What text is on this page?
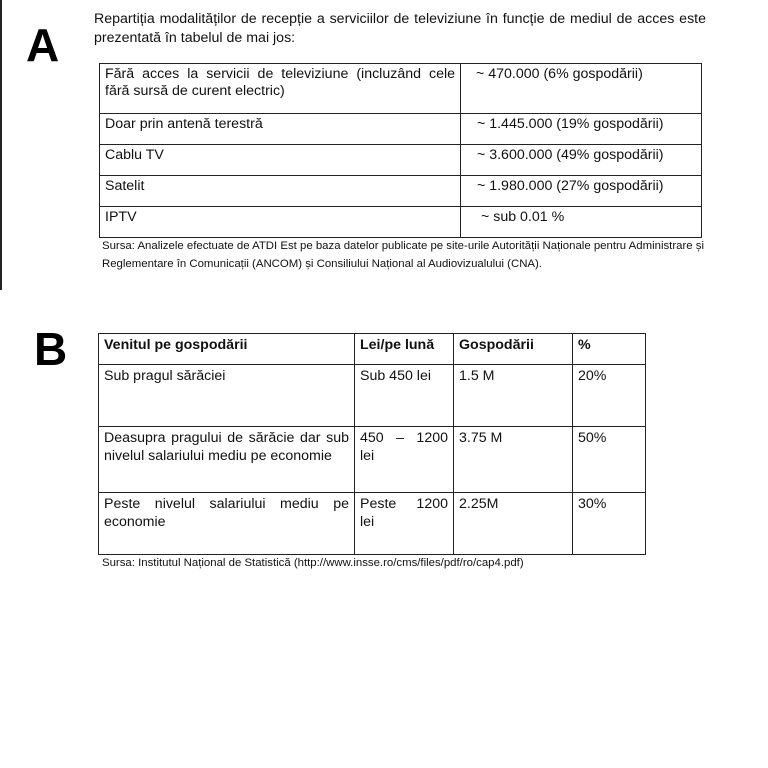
A Repartiția modalităților de recepție a serviciilor de televiziune în funcție de mediul de acces este prezentată în tabelul de mai jos:

Fără acces la servicii de televiziune (incluzând cele fără sursă de curent electric)	~ 470.000 (6% gospodării)
Doar prin antenă terestră	~ 1.445.000 (19% gospodării)
Cablu TV	~ 3.600.000 (49% gospodării)
Satelit	~ 1.980.000 (27% gospodării)
IPTV	~ sub 0.01 %
Sursa: Analizele efectuate de ATDI Est pe baza datelor publicate pe site-urile Autorității Naționale pentru Administrare și Reglementare în Comunicații (ANCOM) și Consiliului Național al Audiovizualului (CNA).
B	Venitul pe gospodării	Lei/pe lună	Gospodării	%
Sub pragul sărăciei	Sub 450 lei	1.5 M	20%
Deasupra pragului de sărăcie dar sub nivelul salariului mediu pe economie	450 – 1200 lei	3.75 M	50%
Peste nivelul salariului mediu pe economie	Peste 1200 lei	2.25M	30%
Sursa: Institutul Național de Statistică (http://www.insse.ro/cms/files/pdf/ro/cap4.pdf)
